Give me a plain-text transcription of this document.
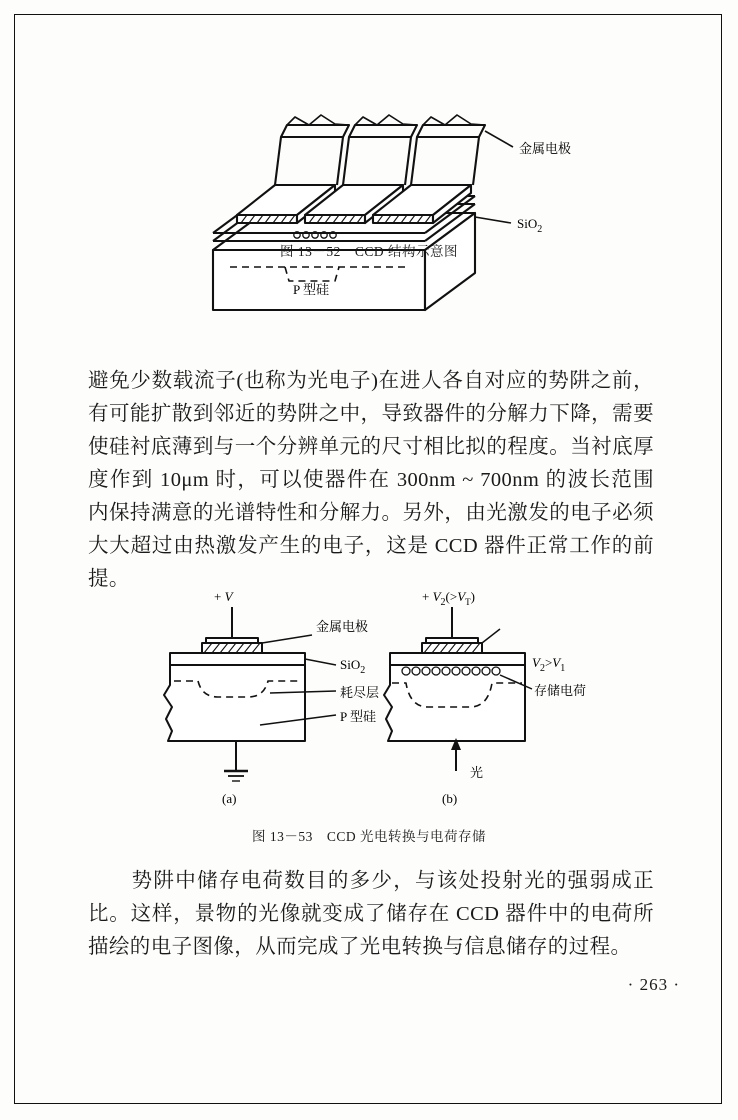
金属电极
SiO$_2$
P 型硅
图 13－52　CCD 结构示意图
避免少数载流子(也称为光电子)在进人各自对应的势阱之前，有可能扩散到邻近的势阱之中，导致器件的分解力下降，需要使硅衬底薄到与一个分辨单元的尺寸相比拟的程度。当衬底厚度作到 10μm 时，可以使器件在 300nm ~ 700nm 的波长范围内保持满意的光谱特性和分解力。另外，由光激发的电子必须大大超过由热激发产生的电子，这是 CCD 器件正常工作的前提。
+ V	+ $V_2(>V_T)$
金属电极
SiO$_2$
耗尽层
P 型硅
存储电荷
$V_2>V_1$
光
(a)	(b)
图 13－53　CCD 光电转换与电荷存储
　　势阱中储存电荷数目的多少，与该处投射光的强弱成正比。这样，景物的光像就变成了储存在 CCD 器件中的电荷所描绘的电子图像，从而完成了光电转换与信息储存的过程。
· 263 ·
